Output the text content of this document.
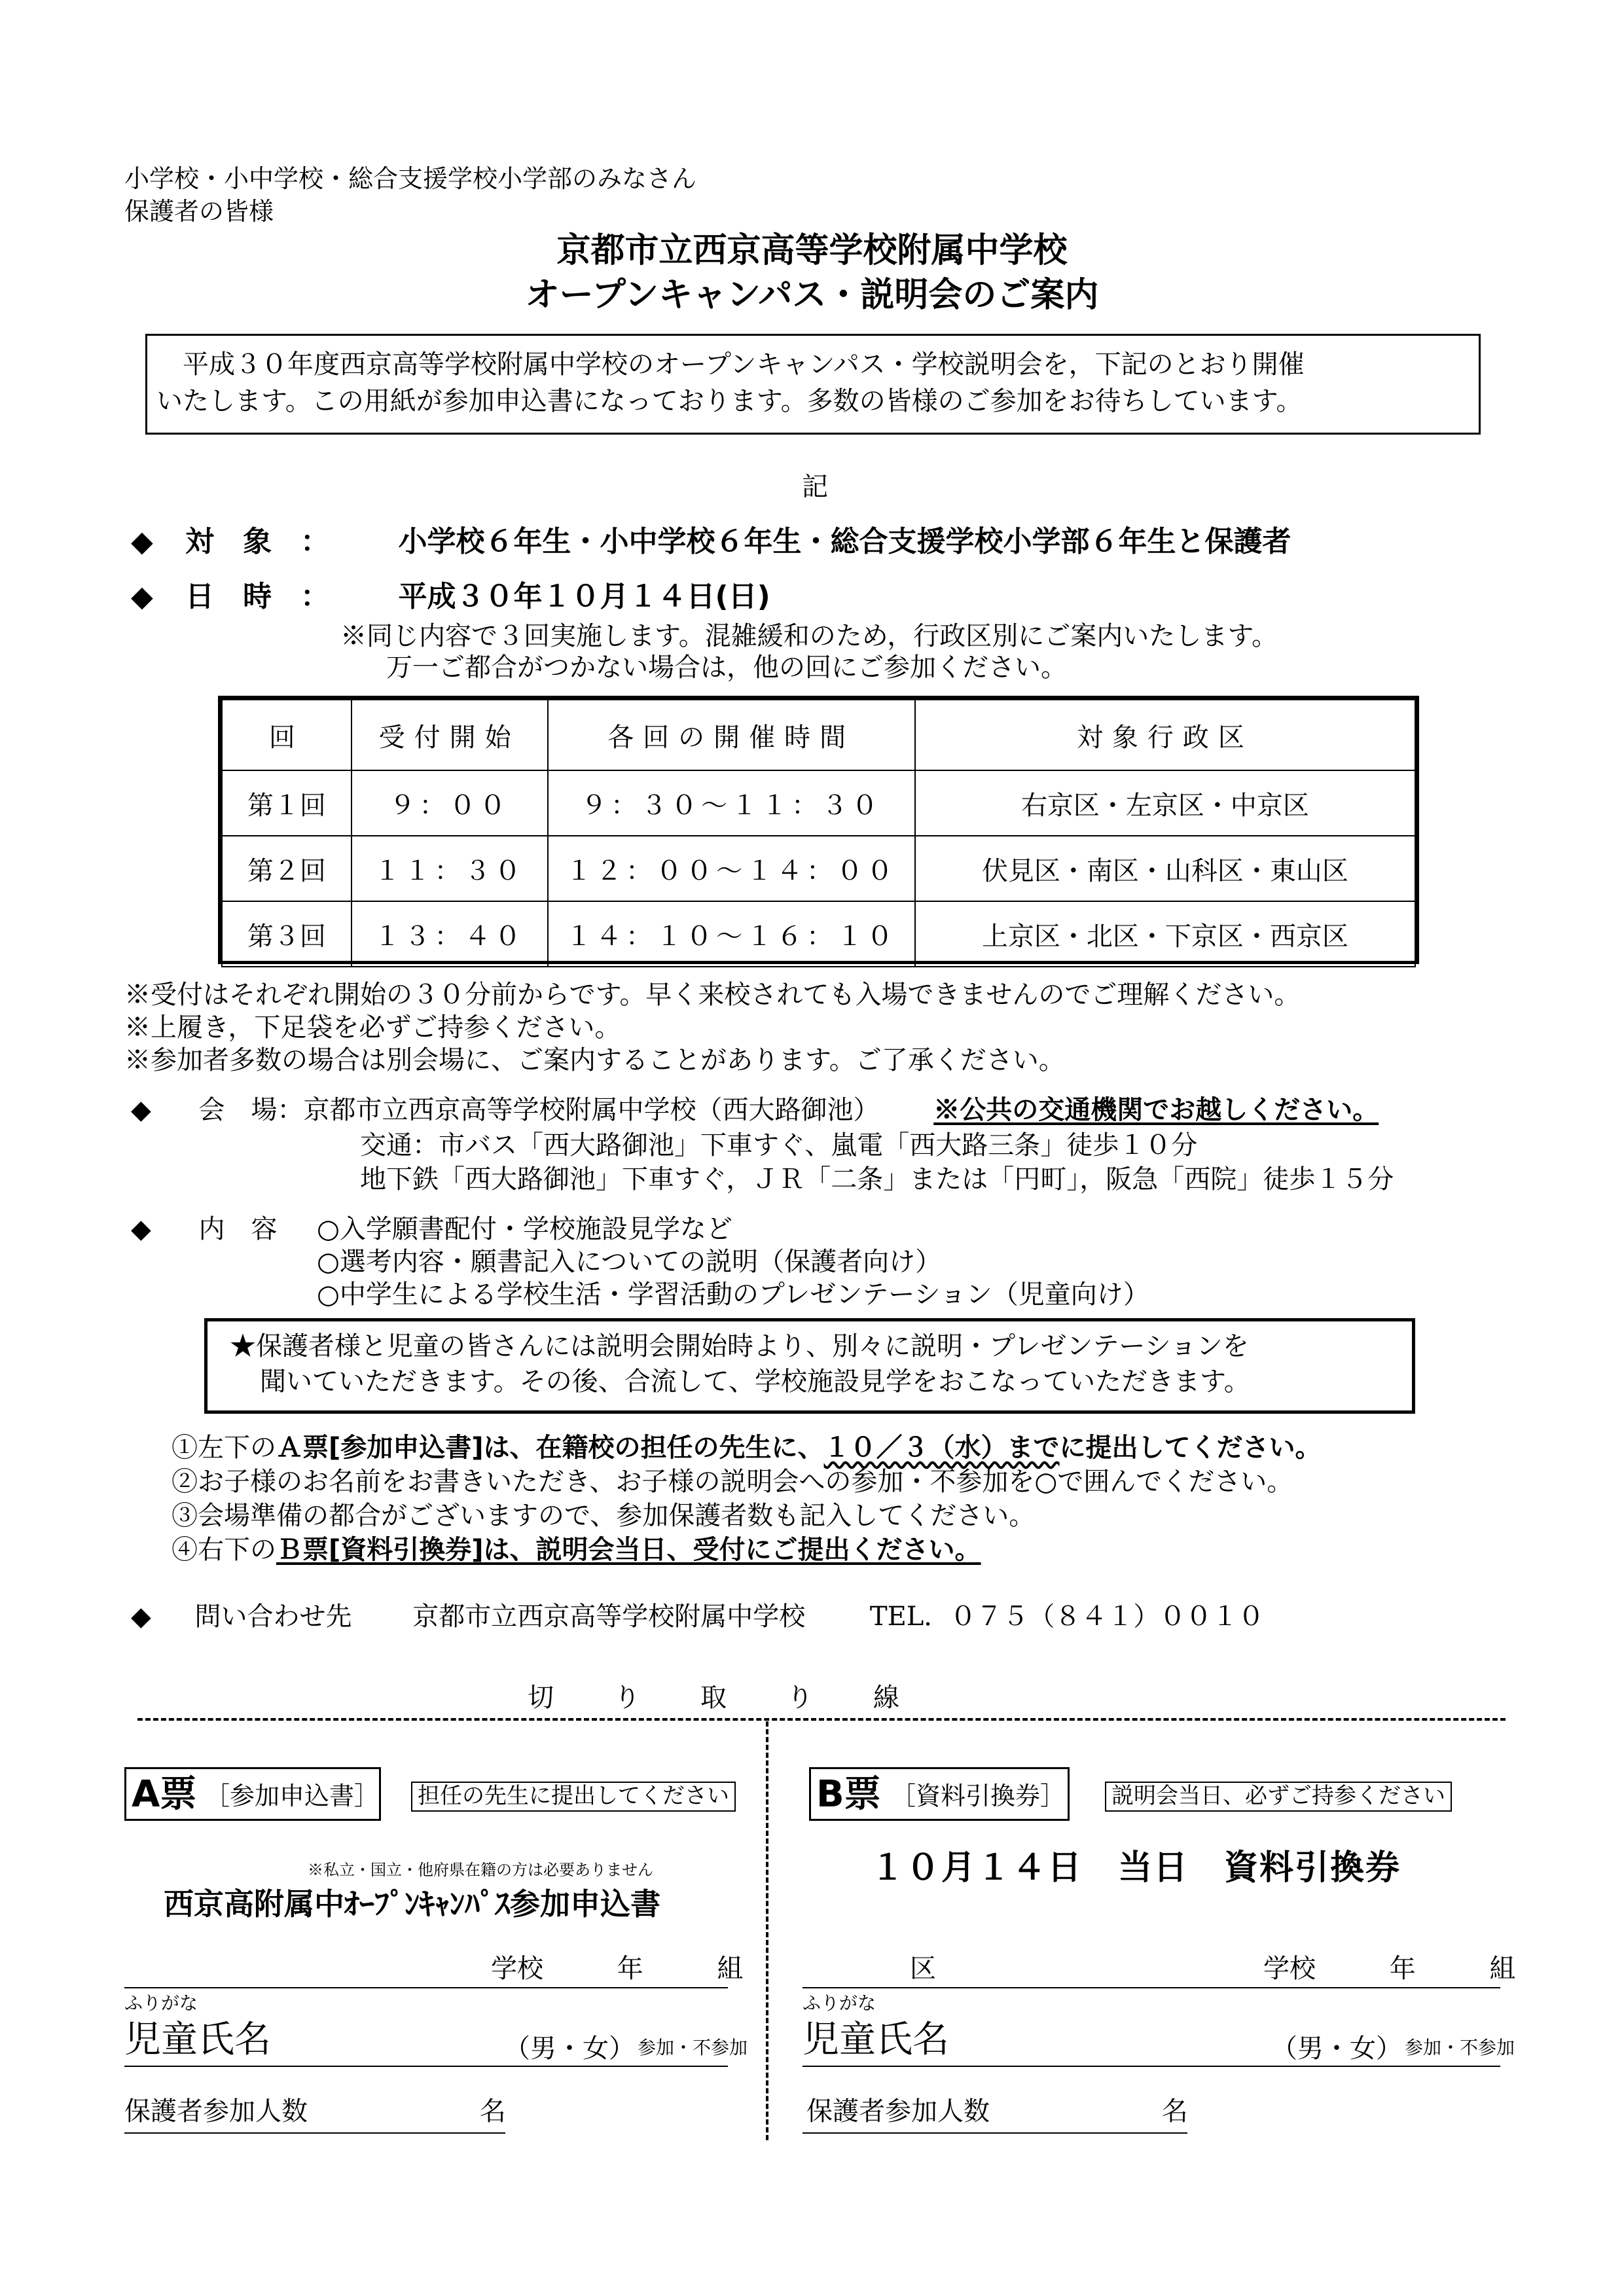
小学校・小中学校・総合支援学校小学部のみなさん
保護者の皆様
京都市立西京高等学校附属中学校
オープンキャンパス・説明会のご案内
　平成３０年度西京高等学校附属中学校のオープンキャンパス・学校説明会を，下記のとおり開催
いたします。この用紙が参加申込書になっております。多数の皆様のご参加をお待ちしています。
記
◆ 対　象　： 小学校６年生・小中学校６年生・総合支援学校小学部６年生と保護者
◆ 日　時　： 平成３０年１０月１４日(日)
※同じ内容で３回実施します。混雑緩和のため，行政区別にご案内いたします。
万一ご都合がつかない場合は，他の回にご参加ください。
回	受付開始	各回の開催時間	対象行政区
第１回	９：００	９：３０～１１：３０	右京区・左京区・中京区
第２回	１１：３０	１２：００～１４：００	伏見区・南区・山科区・東山区
第３回	１３：４０	１４：１０～１６：１０	上京区・北区・下京区・西京区
※受付はそれぞれ開始の３０分前からです。早く来校されても入場できませんのでご理解ください。
※上履き，下足袋を必ずご持参ください。
※参加者多数の場合は別会場に、ご案内することがあります。ご了承ください。
◆ 会　場：京都市立西京高等学校附属中学校（西大路御池） ※公共の交通機関でお越しください。
交通：市バス「西大路御池」下車すぐ、嵐電「西大路三条」徒歩１０分
地下鉄「西大路御池」下車すぐ，ＪＲ「二条」または「円町」，阪急「西院」徒歩１５分
◆ 内　容 ○入学願書配付・学校施設見学など
○選考内容・願書記入についての説明（保護者向け）
○中学生による学校生活・学習活動のプレゼンテーション（児童向け）
★保護者様と児童の皆さんには説明会開始時より、別々に説明・プレゼンテーションを
聞いていただきます。その後、合流して、学校施設見学をおこなっていただきます。
①左下のＡ票[参加申込書]は、在籍校の担任の先生に、１０／３（水）までに提出してください。
②お子様のお名前をお書きいただき、お子様の説明会への参加・不参加を○で囲んでください。
③会場準備の都合がございますので、参加保護者数も記入してください。
④右下のＢ票[資料引換券]は、説明会当日、受付にご提出ください。
◆ 問い合わせ先 京都市立西京高等学校附属中学校 TEL．０７５（８４１）００１０
切　　り　　取　　り　　線
A票 ［参加申込書］ 担任の先生に提出してください
※私立・国立・他府県在籍の方は必要ありません
西京高附属中ｵｰﾌﾟﾝｷｬﾝﾊﾟｽ参加申込書
学校	年	組
ふりがな
児童氏名	（男・女） 参加・不参加
保護者参加人数	名
B票 ［資料引換券］ 説明会当日、必ずご持参ください
１０月１４日　当日　資料引換券
区	学校	年	組
ふりがな
児童氏名	（男・女） 参加・不参加
保護者参加人数	名
